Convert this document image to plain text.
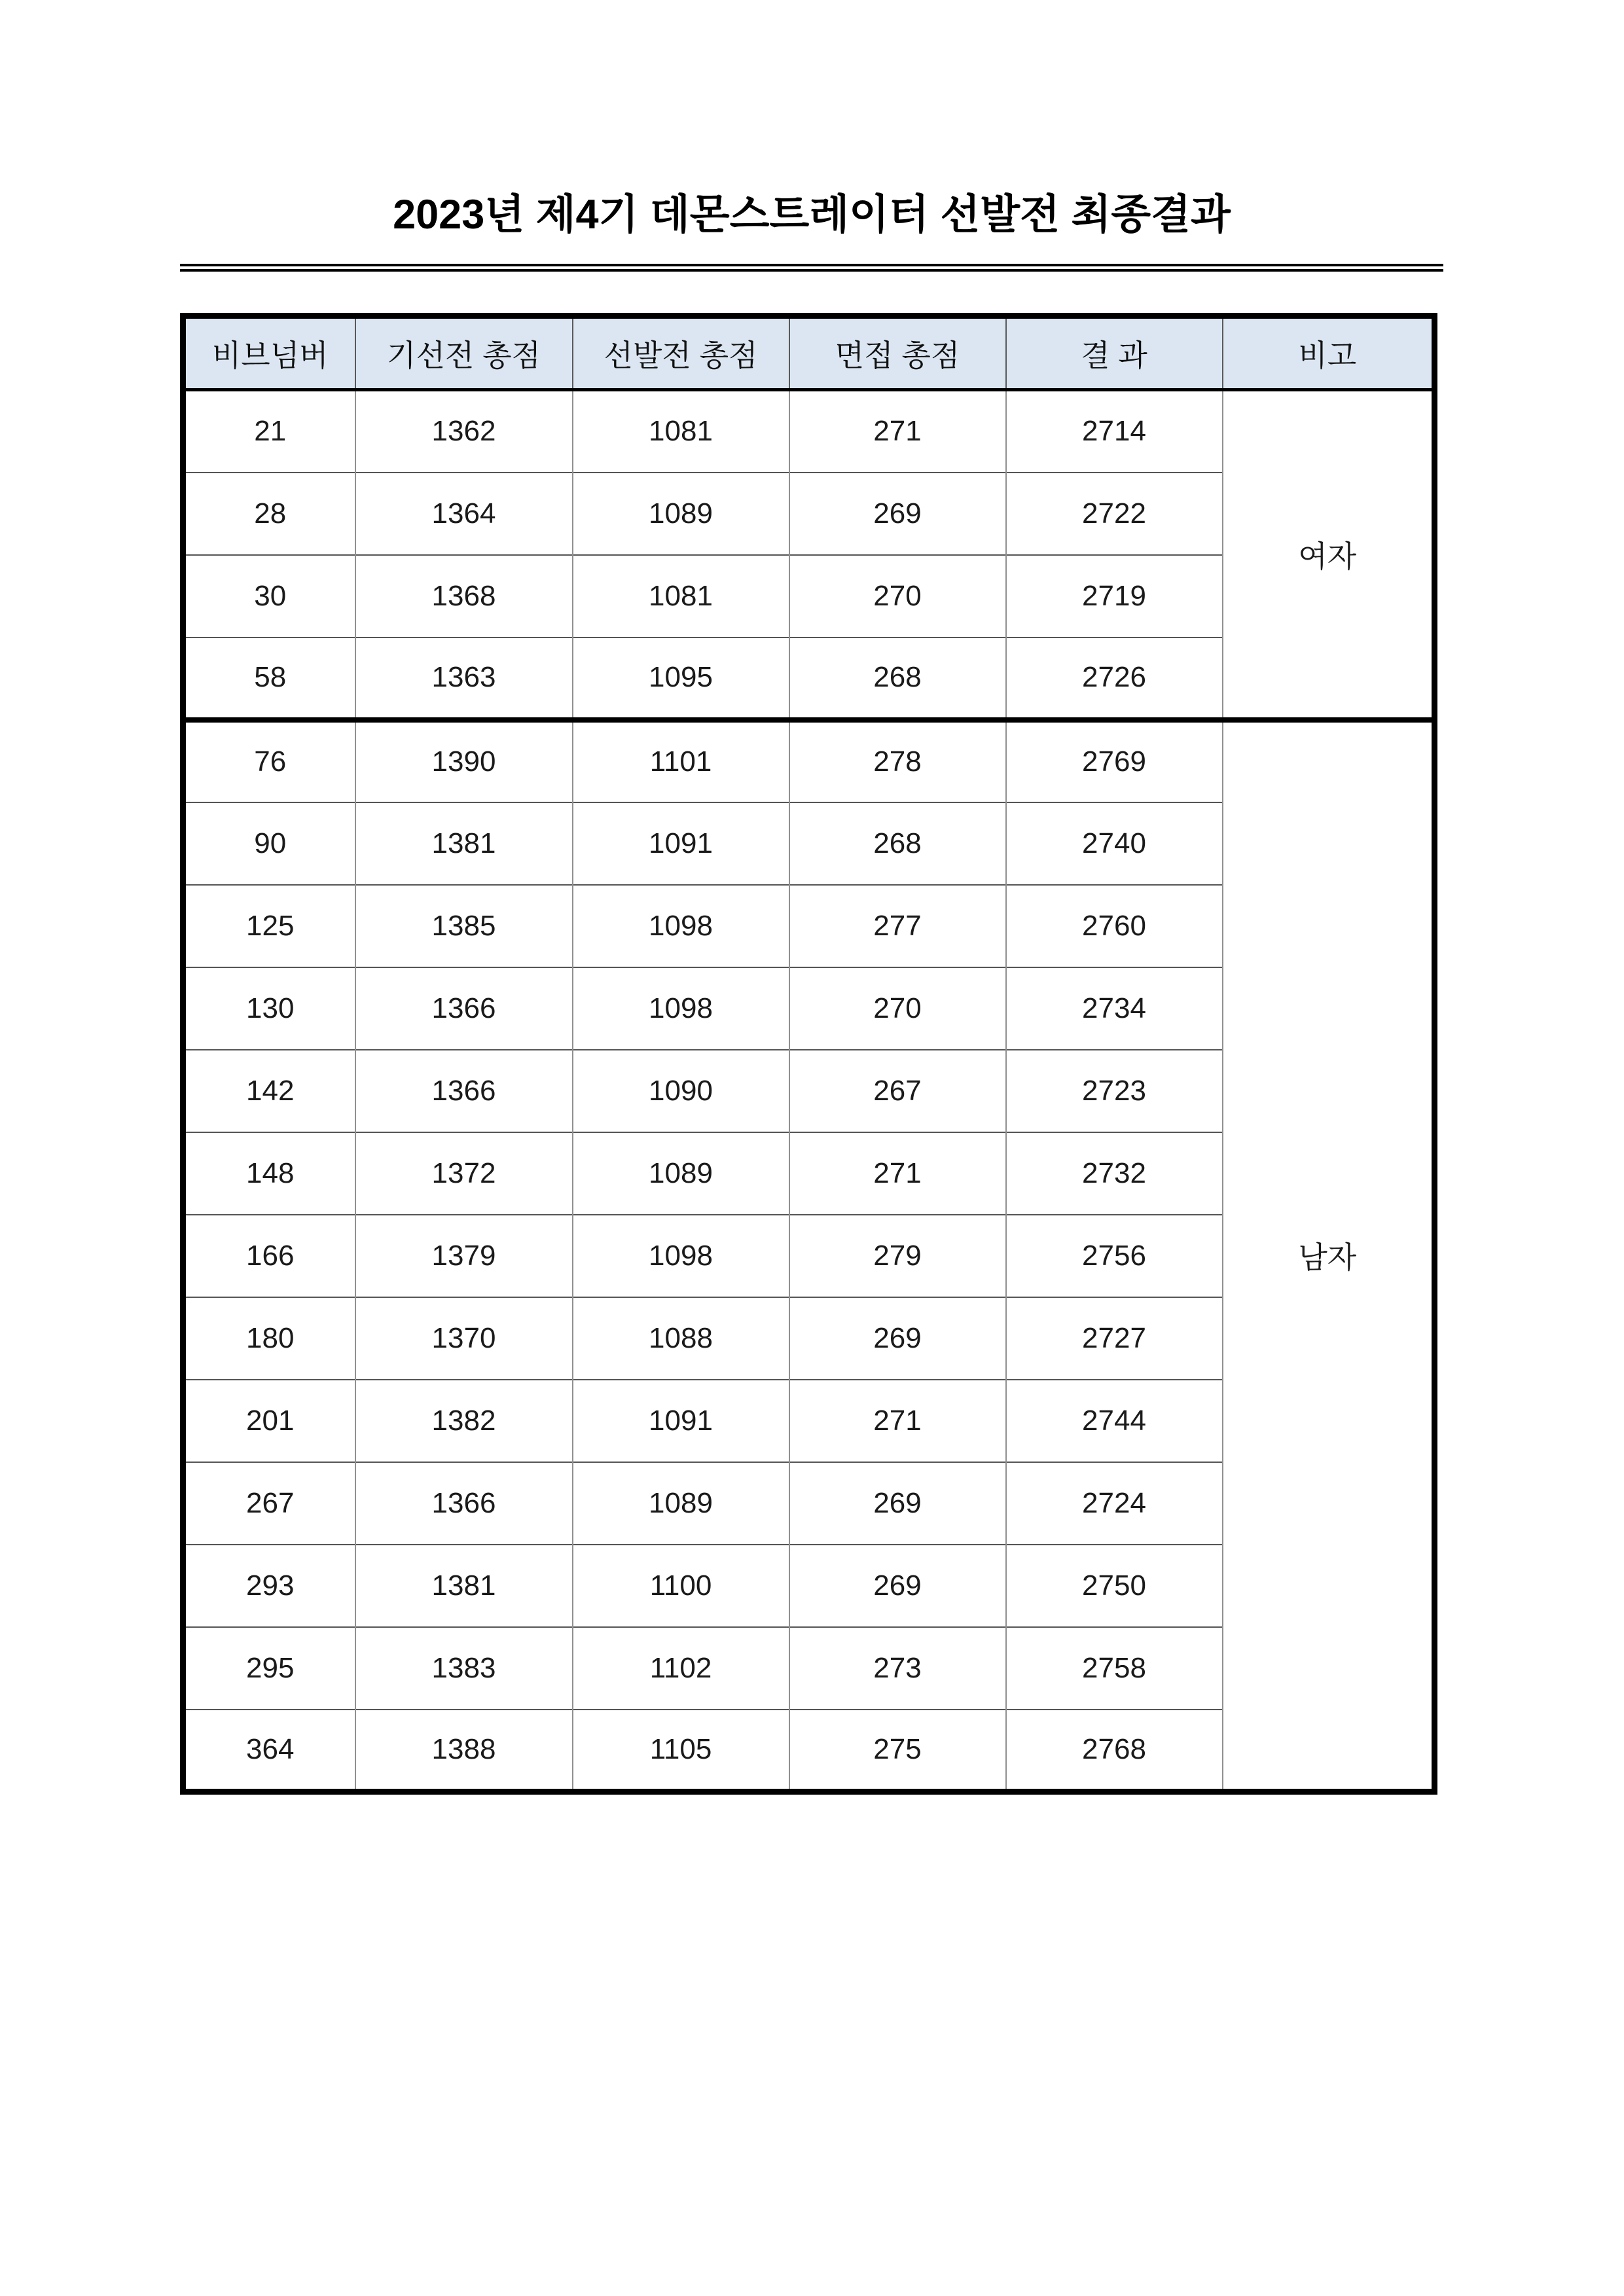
2023년 제4기 데몬스트레이터 선발전 최종결과
비브넘버	기선전 총점	선발전 총점	면접 총점	결 과	비고
21	1362	1081	271	2714	여자
28	1364	1089	269	2722	
30	1368	1081	270	2719	
58	1363	1095	268	2726	
76	1390	1101	278	2769	남자
90	1381	1091	268	2740	
125	1385	1098	277	2760	
130	1366	1098	270	2734	
142	1366	1090	267	2723	
148	1372	1089	271	2732	
166	1379	1098	279	2756	
180	1370	1088	269	2727	
201	1382	1091	271	2744	
267	1366	1089	269	2724	
293	1381	1100	269	2750	
295	1383	1102	273	2758	
364	1388	1105	275	2768	
